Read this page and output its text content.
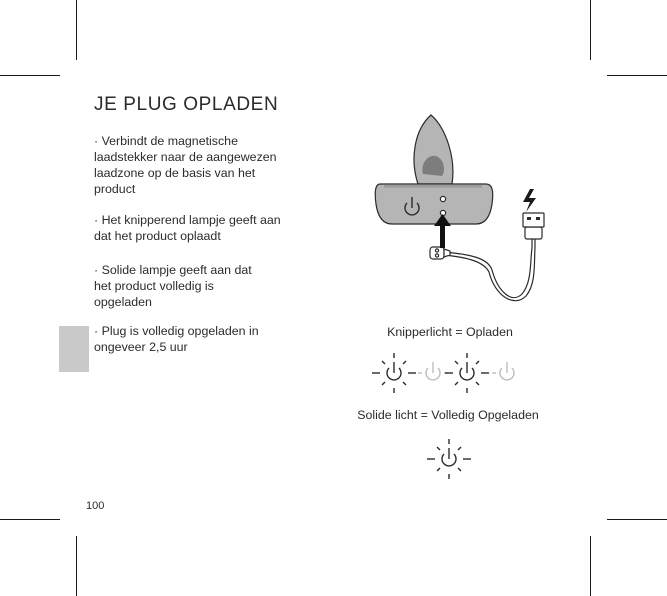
JE PLUG OPLADEN

· Verbindt de magnetische laadstekker naar de aangewezen laadzone op de basis van het product

· Het knipperend lampje geeft aan dat het product oplaadt

· Solide lampje geeft aan dat het product volledig is opgeladen

· Plug is volledig opgeladen in ongeveer 2,5 uur

Knipperlicht = Opladen
Solide licht = Volledig Opgeladen
100
